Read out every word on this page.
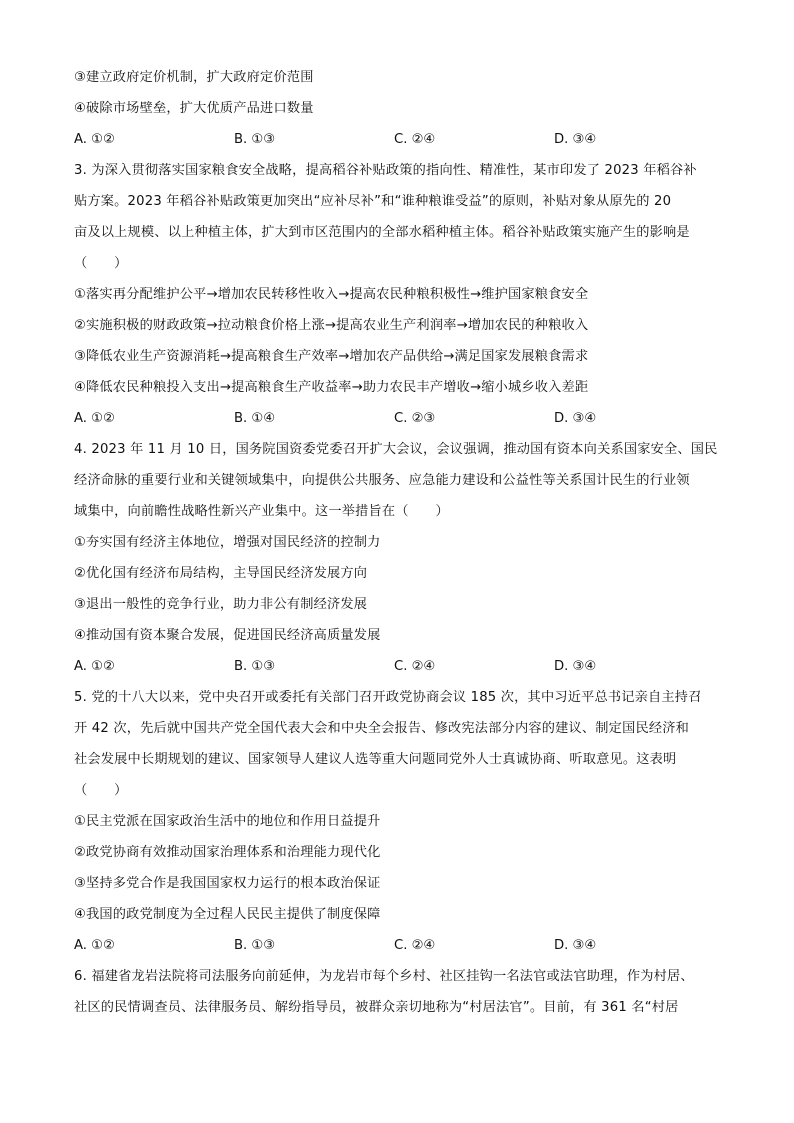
③建立政府定价机制，扩大政府定价范围
④破除市场壁垒，扩大优质产品进口数量
A. ①②	B. ①③	C. ②④	D. ③④
3. 为深入贯彻落实国家粮食安全战略，提高稻谷补贴政策的指向性、精准性，某市印发了 2023 年稻谷补
贴方案。2023 年稻谷补贴政策更加突出“应补尽补”和“谁种粮谁受益”的原则，补贴对象从原先的 20
亩及以上规模、以上种植主体，扩大到市区范围内的全部水稻种植主体。稻谷补贴政策实施产生的影响是
（　　）
①落实再分配维护公平→增加农民转移性收入→提高农民种粮积极性→维护国家粮食安全
②实施积极的财政政策→拉动粮食价格上涨→提高农业生产利润率→增加农民的种粮收入
③降低农业生产资源消耗→提高粮食生产效率→增加农产品供给→满足国家发展粮食需求
④降低农民种粮投入支出→提高粮食生产收益率→助力农民丰产增收→缩小城乡收入差距
A. ①②	B. ①④	C. ②③	D. ③④
4. 2023 年 11 月 10 日，国务院国资委党委召开扩大会议，会议强调，推动国有资本向关系国家安全、国民
经济命脉的重要行业和关键领域集中，向提供公共服务、应急能力建设和公益性等关系国计民生的行业领
域集中，向前瞻性战略性新兴产业集中。这一举措旨在（　　）
①夯实国有经济主体地位，增强对国民经济的控制力
②优化国有经济布局结构，主导国民经济发展方向
③退出一般性的竞争行业，助力非公有制经济发展
④推动国有资本聚合发展，促进国民经济高质量发展
A. ①②	B. ①③	C. ②④	D. ③④
5. 党的十八大以来，党中央召开或委托有关部门召开政党协商会议 185 次，其中习近平总书记亲自主持召
开 42 次，先后就中国共产党全国代表大会和中央全会报告、修改宪法部分内容的建议、制定国民经济和
社会发展中长期规划的建议、国家领导人建议人选等重大问题同党外人士真诚协商、听取意见。这表明
（　　）
①民主党派在国家政治生活中的地位和作用日益提升
②政党协商有效推动国家治理体系和治理能力现代化
③坚持多党合作是我国国家权力运行的根本政治保证
④我国的政党制度为全过程人民民主提供了制度保障
A. ①②	B. ①③	C. ②④	D. ③④
6. 福建省龙岩法院将司法服务向前延伸，为龙岩市每个乡村、社区挂钩一名法官或法官助理，作为村居、
社区的民情调查员、法律服务员、解纷指导员，被群众亲切地称为“村居法官”。目前，有 361 名“村居
